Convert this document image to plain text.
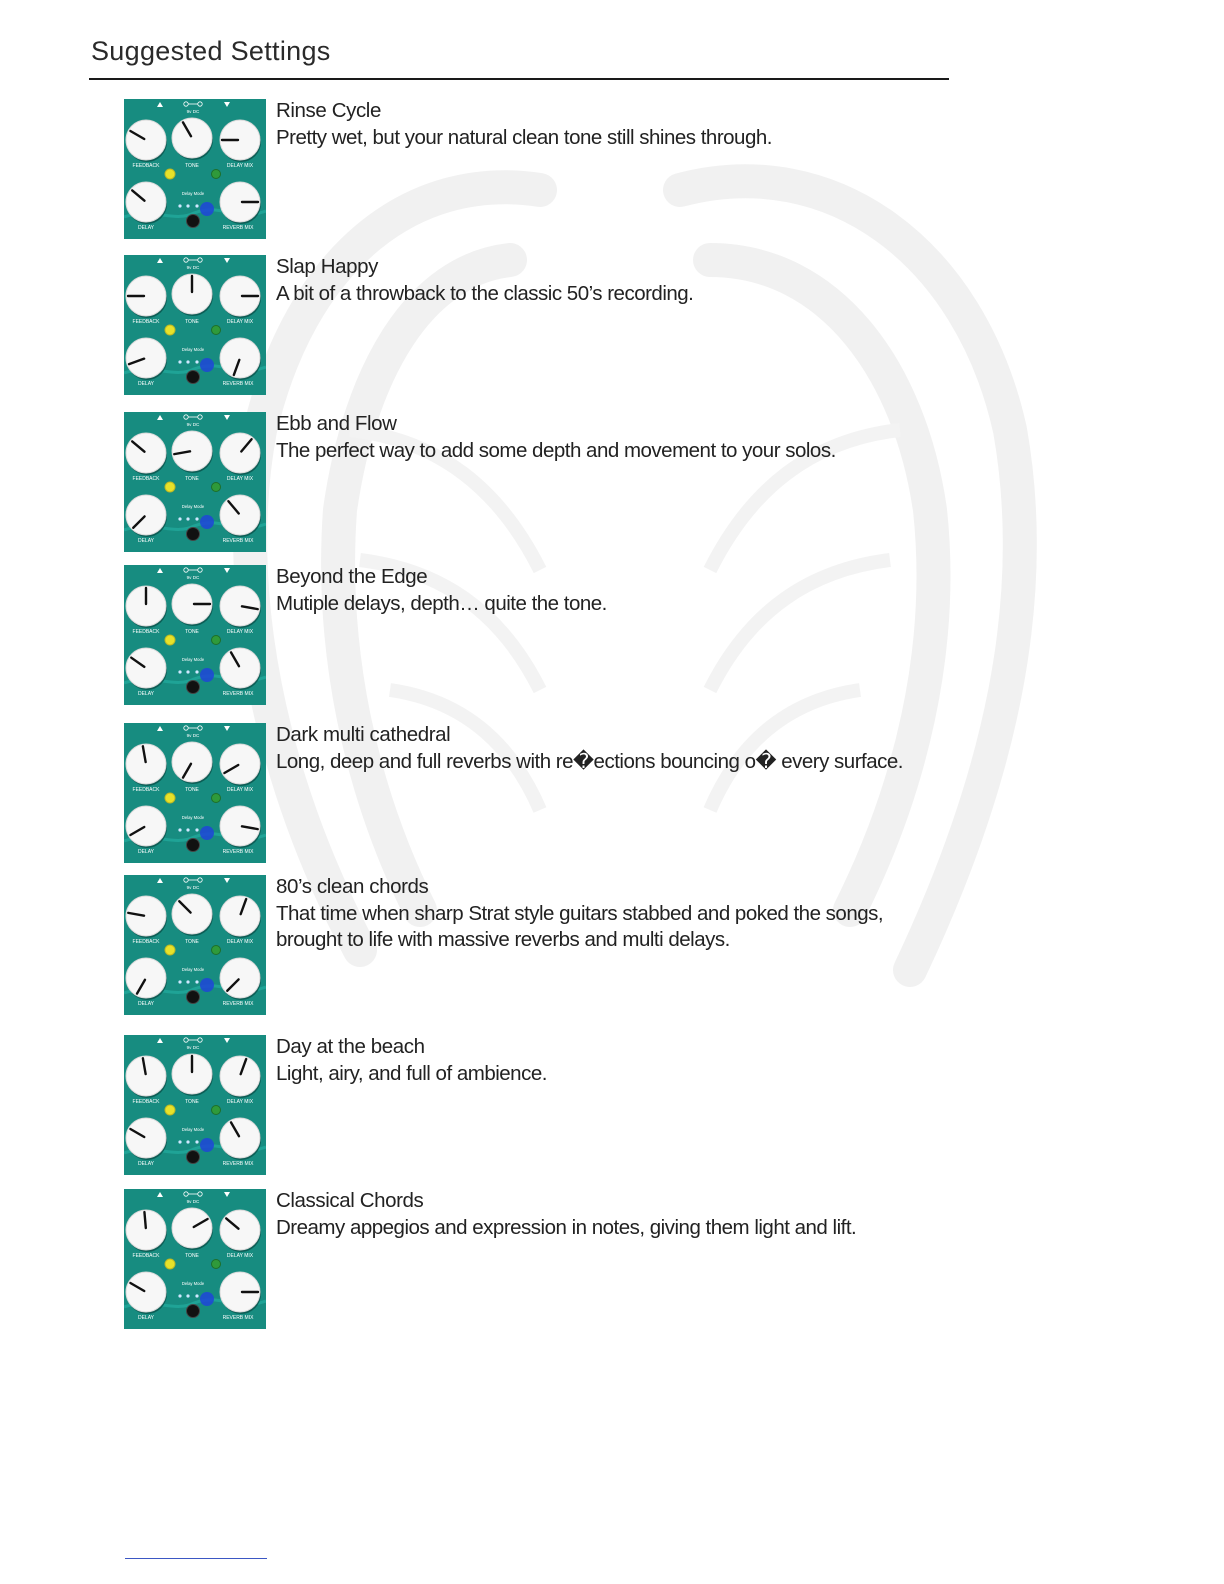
Suggested Settings
9v DC
FEEDBACK	TONE	DELAY MIX
DELAY	REVERB MIX
Delay Mode
Rinse Cycle
Pretty wet, but your natural clean tone still shines through.
9v DC
FEEDBACK	TONE	DELAY MIX
DELAY	REVERB MIX
Delay Mode
Slap Happy
A bit of a throwback to the classic 50’s recording.
9v DC
FEEDBACK	TONE	DELAY MIX
DELAY	REVERB MIX
Delay Mode
Ebb and Flow
The perfect way to add some depth and movement to your solos.
9v DC
FEEDBACK	TONE	DELAY MIX
DELAY	REVERB MIX
Delay Mode
Beyond the Edge
Mutiple delays, depth… quite the tone.
9v DC
FEEDBACK	TONE	DELAY MIX
DELAY	REVERB MIX
Delay Mode
Dark multi cathedral
Long, deep and full reverbs with re�ections bouncing o� every surface.
9v DC
FEEDBACK	TONE	DELAY MIX
DELAY	REVERB MIX
Delay Mode
80’s clean chords
That time when sharp Strat style guitars stabbed and poked the songs, brought to life with massive reverbs and multi delays.
9v DC
FEEDBACK	TONE	DELAY MIX
DELAY	REVERB MIX
Delay Mode
Day at the beach
Light, airy, and full of ambience.
9v DC
FEEDBACK	TONE	DELAY MIX
DELAY	REVERB MIX
Delay Mode
Classical Chords
Dreamy appegios and expression in notes, giving them light and lift.
